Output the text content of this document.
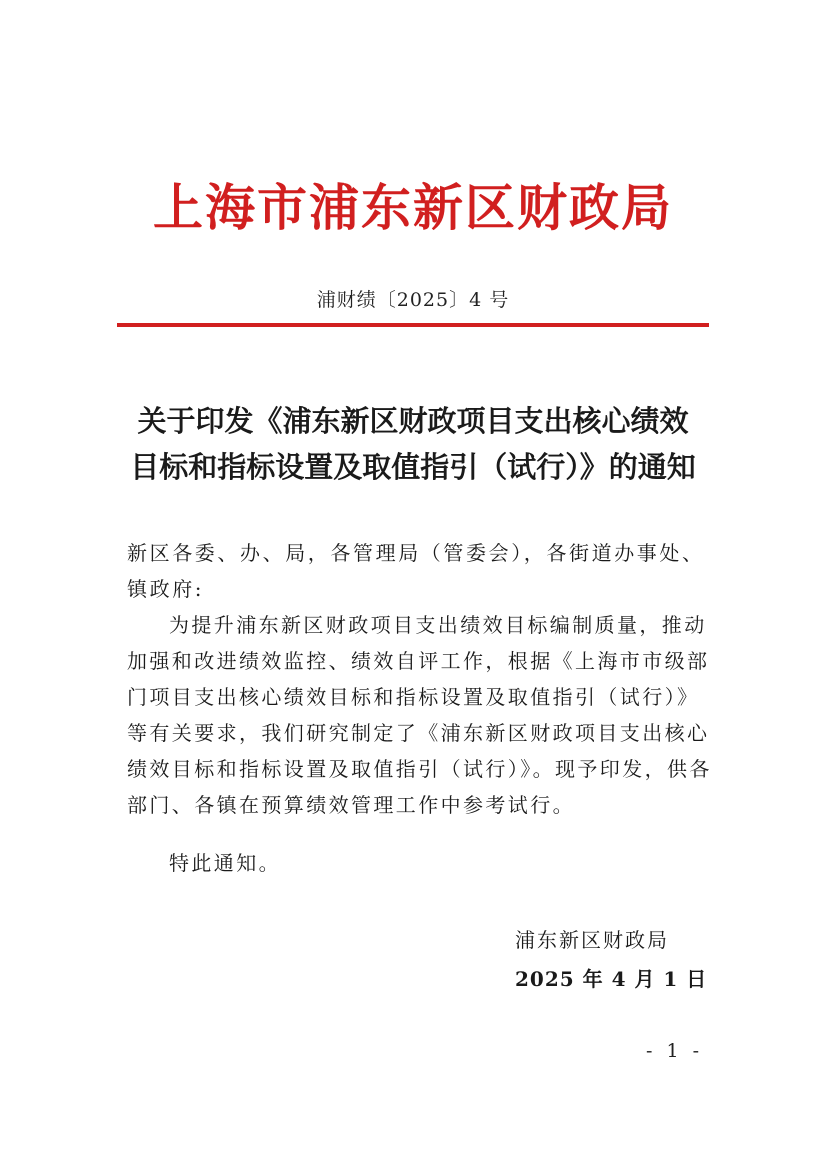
上海市浦东新区财政局
浦财绩〔2025〕4 号
关于印发《浦东新区财政项目支出核心绩效
目标和指标设置及取值指引（试行）》的通知
新区各委、办、局，各管理局（管委会），各街道办事处、
镇政府:
为提升浦东新区财政项目支出绩效目标编制质量，推动
加强和改进绩效监控、绩效自评工作，根据《上海市市级部
门项目支出核心绩效目标和指标设置及取值指引（试行）》
等有关要求，我们研究制定了《浦东新区财政项目支出核心
绩效目标和指标设置及取值指引（试行）》。现予印发，供各
部门、各镇在预算绩效管理工作中参考试行。
特此通知。
浦东新区财政局
2025 年 4 月 1 日
- 1 -
